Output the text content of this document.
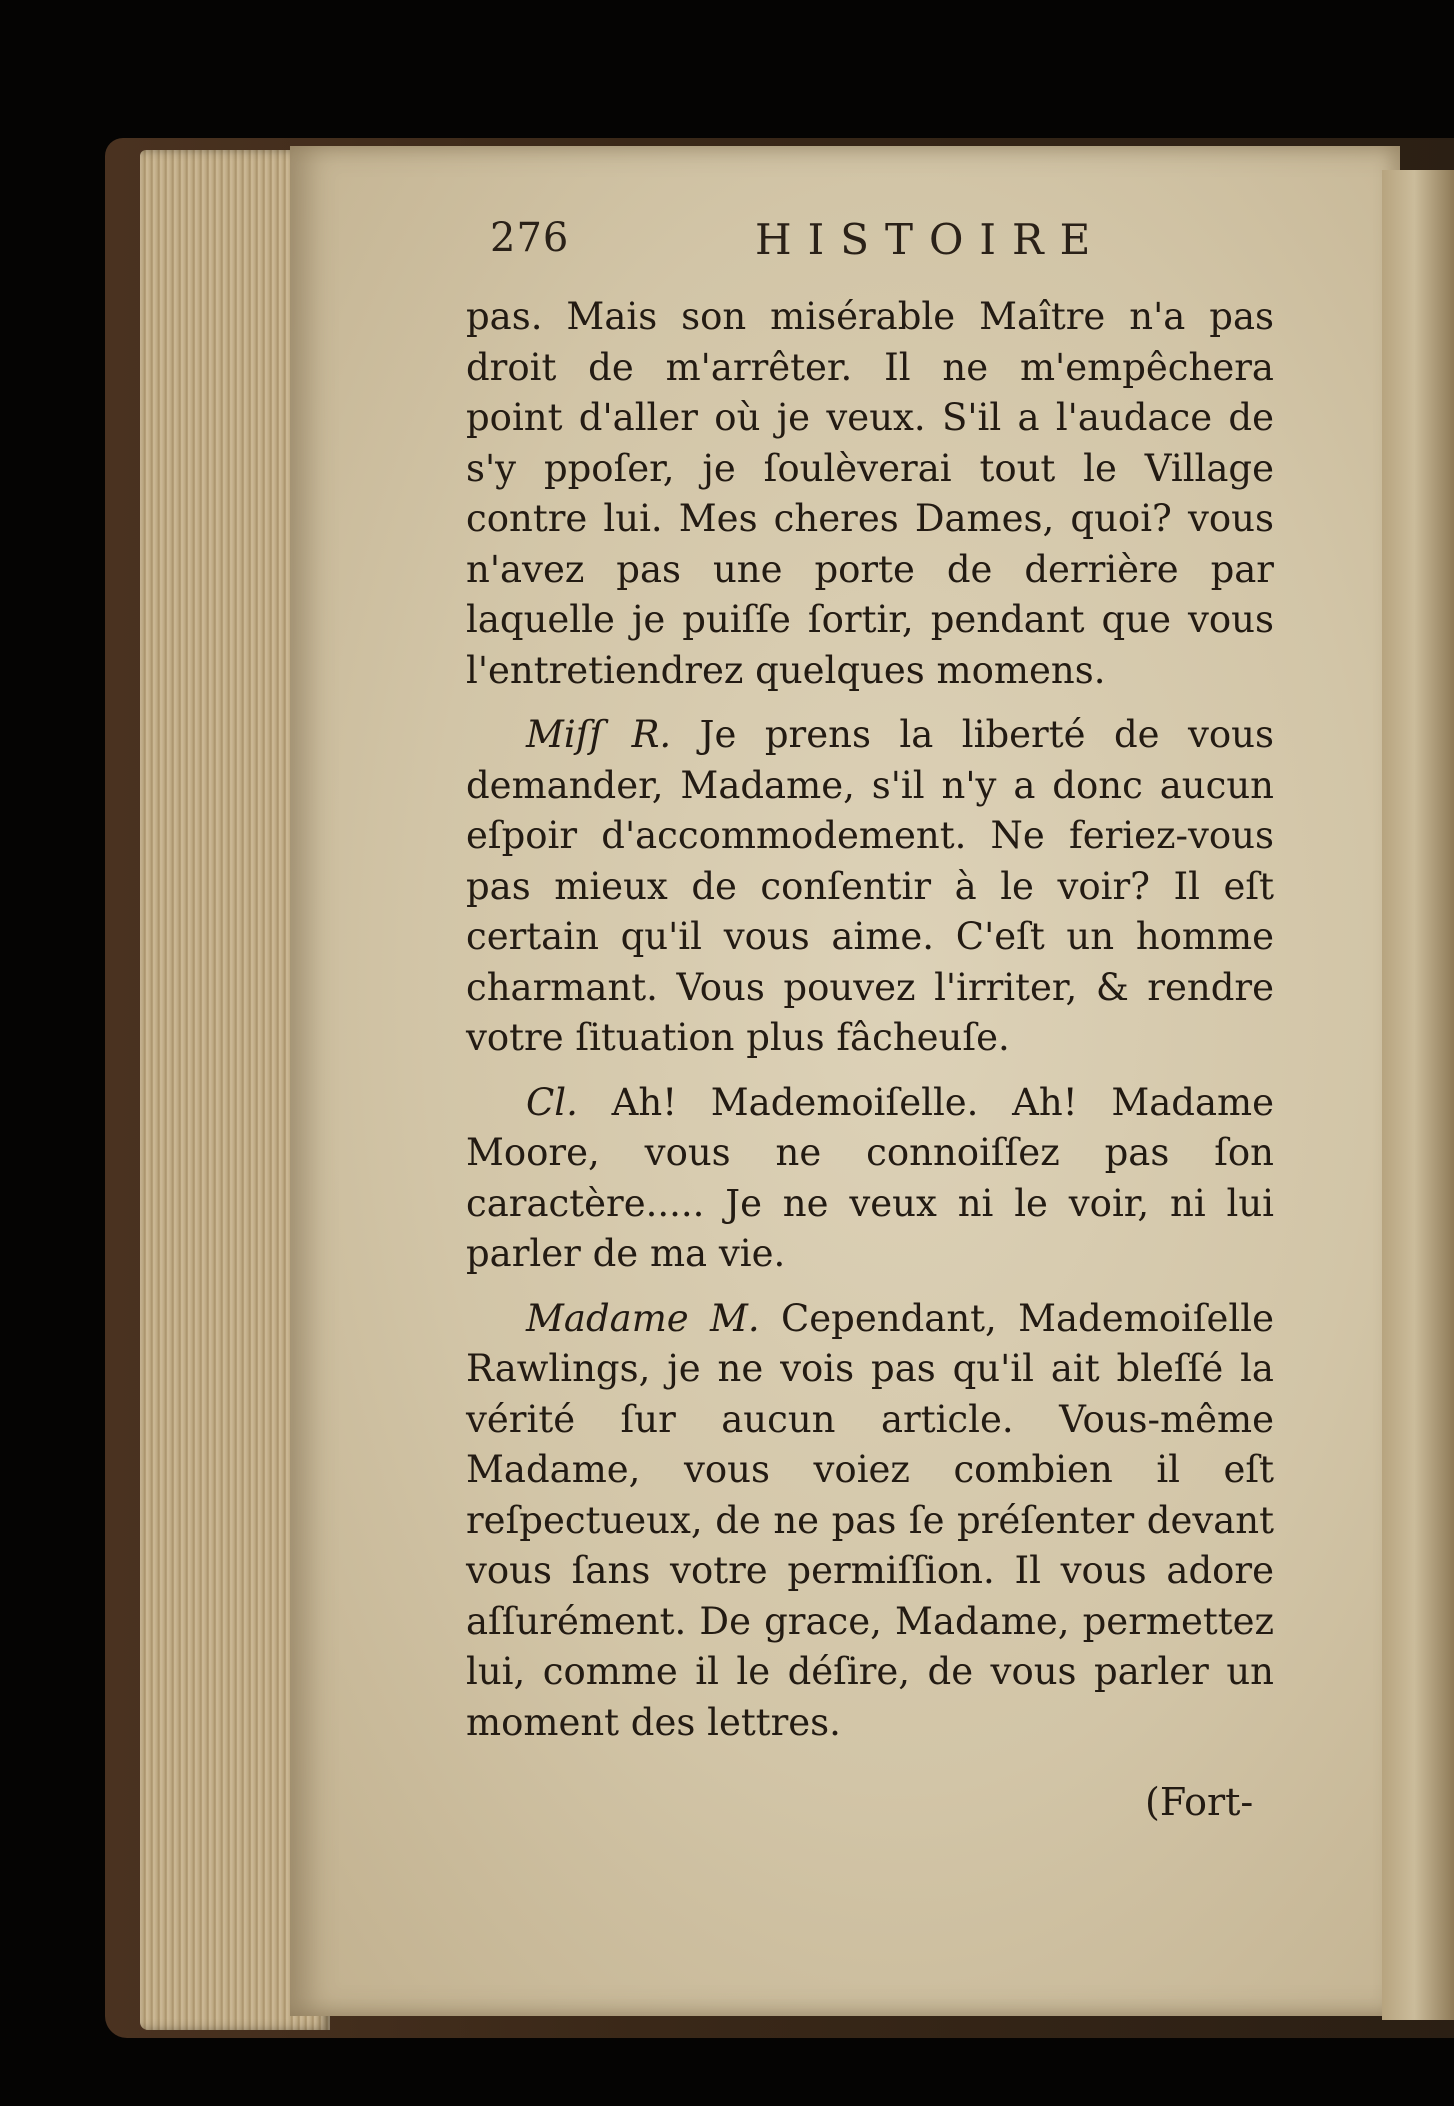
276	HISTOIRE

pas. Mais son misérable Maître n'a pas droit de m'arrêter. Il ne m'empêchera point d'aller où je veux. S'il a l'audace de s'y ppoſer, je ſoulèverai tout le Village contre lui. Mes cheres Dames, quoi? vous n'avez pas une porte de derrière par laquelle je puiſſe ſortir, pendant que vous l'entretiendrez quelques momens.

Miſſ R. Je prens la liberté de vous demander, Madame, s'il n'y a donc aucun eſpoir d'accommodement. Ne feriez-vous pas mieux de conſentir à le voir? Il eſt certain qu'il vous aime. C'eſt un homme charmant. Vous pouvez l'irriter, & rendre votre ſituation plus fâcheuſe.

Cl. Ah! Mademoiſelle. Ah! Madame Moore, vous ne connoiſſez pas ſon caractère..... Je ne veux ni le voir, ni lui parler de ma vie.

Madame M. Cependant, Mademoiſelle Rawlings, je ne vois pas qu'il ait bleſſé la vérité ſur aucun article. Vous-même Madame, vous voiez combien il eſt reſpectueux, de ne pas ſe préſenter devant vous ſans votre permiſſion. Il vous adore aſſurément. De grace, Madame, permettez lui, comme il le déſire, de vous parler un moment des lettres.

(Fort-
